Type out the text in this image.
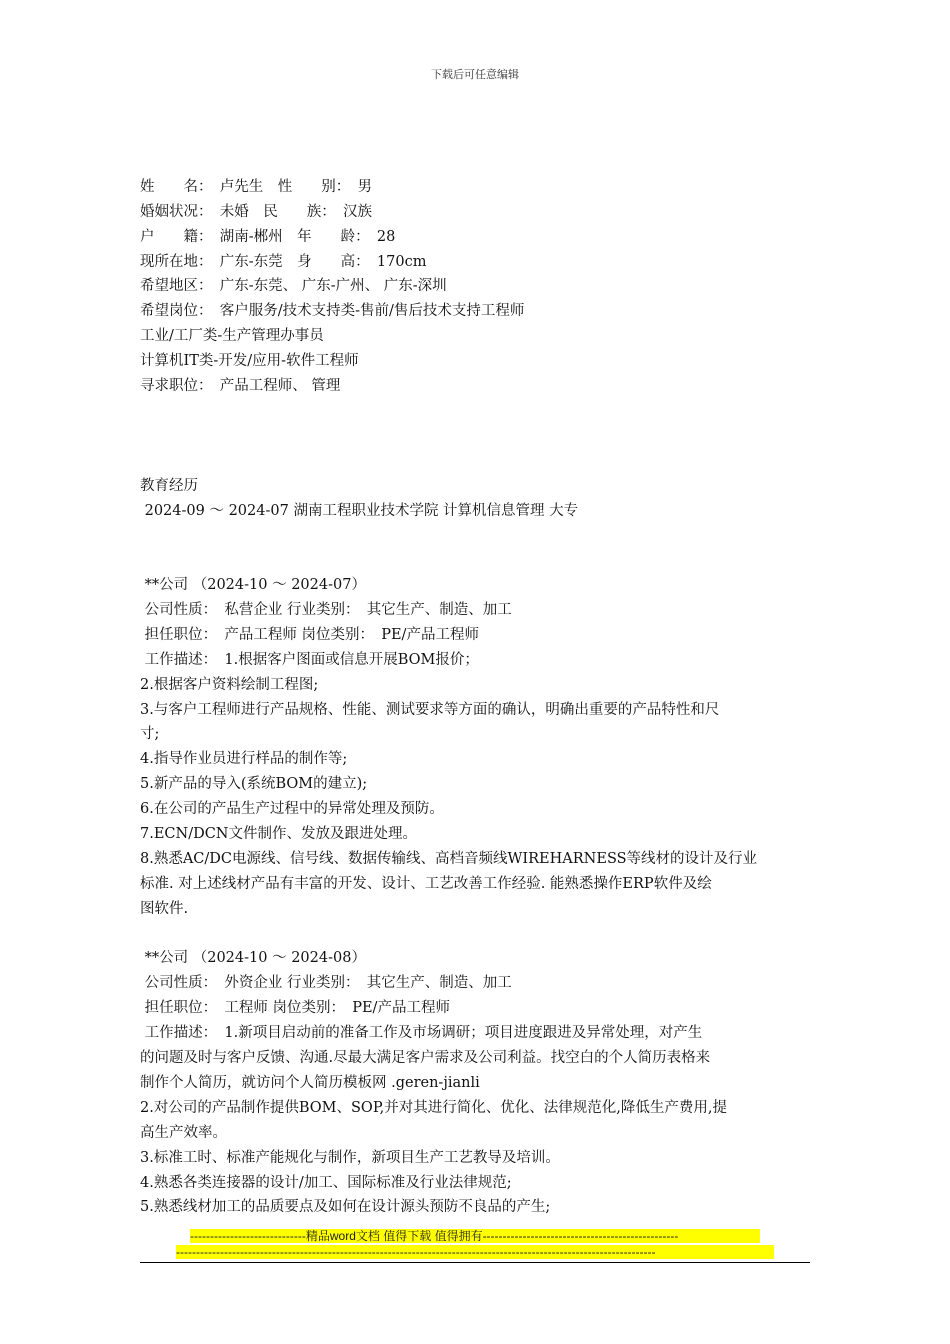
下载后可任意编辑
姓　　名：　卢先生　性　　别：　男
婚姻状况：　未婚　民　　族：　汉族
户　　籍：　湖南-郴州　年　　龄：　28
现所在地：　广东-东莞　身　　高：　170cm
希望地区：　广东-东莞、 广东-广州、 广东-深圳
希望岗位：　客户服务/技术支持类-售前/售后技术支持工程师
工业/工厂类-生产管理办事员
计算机IT类-开发/应用-软件工程师
寻求职位：　产品工程师、 管理
教育经历
2024-09 ～ 2024-07 湖南工程职业技术学院 计算机信息管理 大专
**公司 （2024-10 ～ 2024-07）
公司性质：　私营企业 行业类别：　其它生产、制造、加工
担任职位：　产品工程师 岗位类别：　PE/产品工程师
工作描述：　1.根据客户图面或信息开展BOM报价；
2.根据客户资料绘制工程图;
3.与客户工程师进行产品规格、性能、测试要求等方面的确认，明确出重要的产品特性和尺
寸;
4.指导作业员进行样品的制作等;
5.新产品的导入(系统BOM的建立);
6.在公司的产品生产过程中的异常处理及预防。
7.ECN/DCN文件制作、发放及跟进处理。
8.熟悉AC/DC电源线、信号线、数据传输线、高档音频线WIREHARNESS等线材的设计及行业
标准. 对上述线材产品有丰富的开发、设计、工艺改善工作经验. 能熟悉操作ERP软件及绘
图软件.
**公司 （2024-10 ～ 2024-08）
公司性质：　外资企业 行业类别：　其它生产、制造、加工
担任职位：　工程师 岗位类别：　PE/产品工程师
工作描述：　1.新项目启动前的准备工作及市场调研；项目进度跟进及异常处理，对产生
的问题及时与客户反馈、沟通.尽最大满足客户需求及公司利益。找空白的个人简历表格来
制作个人简历，就访问个人简历模板网 .geren-jianli
2.对公司的产品制作提供BOM、SOP,并对其进行简化、优化、法律规范化,降低生产费用,提
高生产效率。
3.标准工时、标准产能规化与制作，新项目生产工艺教导及培训。
4.熟悉各类连接器的设计/加工、国际标准及行业法律规范;
5.熟悉线材加工的品质要点及如何在设计源头预防不良品的产生;
-----------------------------精品word文档 值得下载 值得拥有-------------------------------------------------
------------------------------------------------------------------------------------------------------------------------
